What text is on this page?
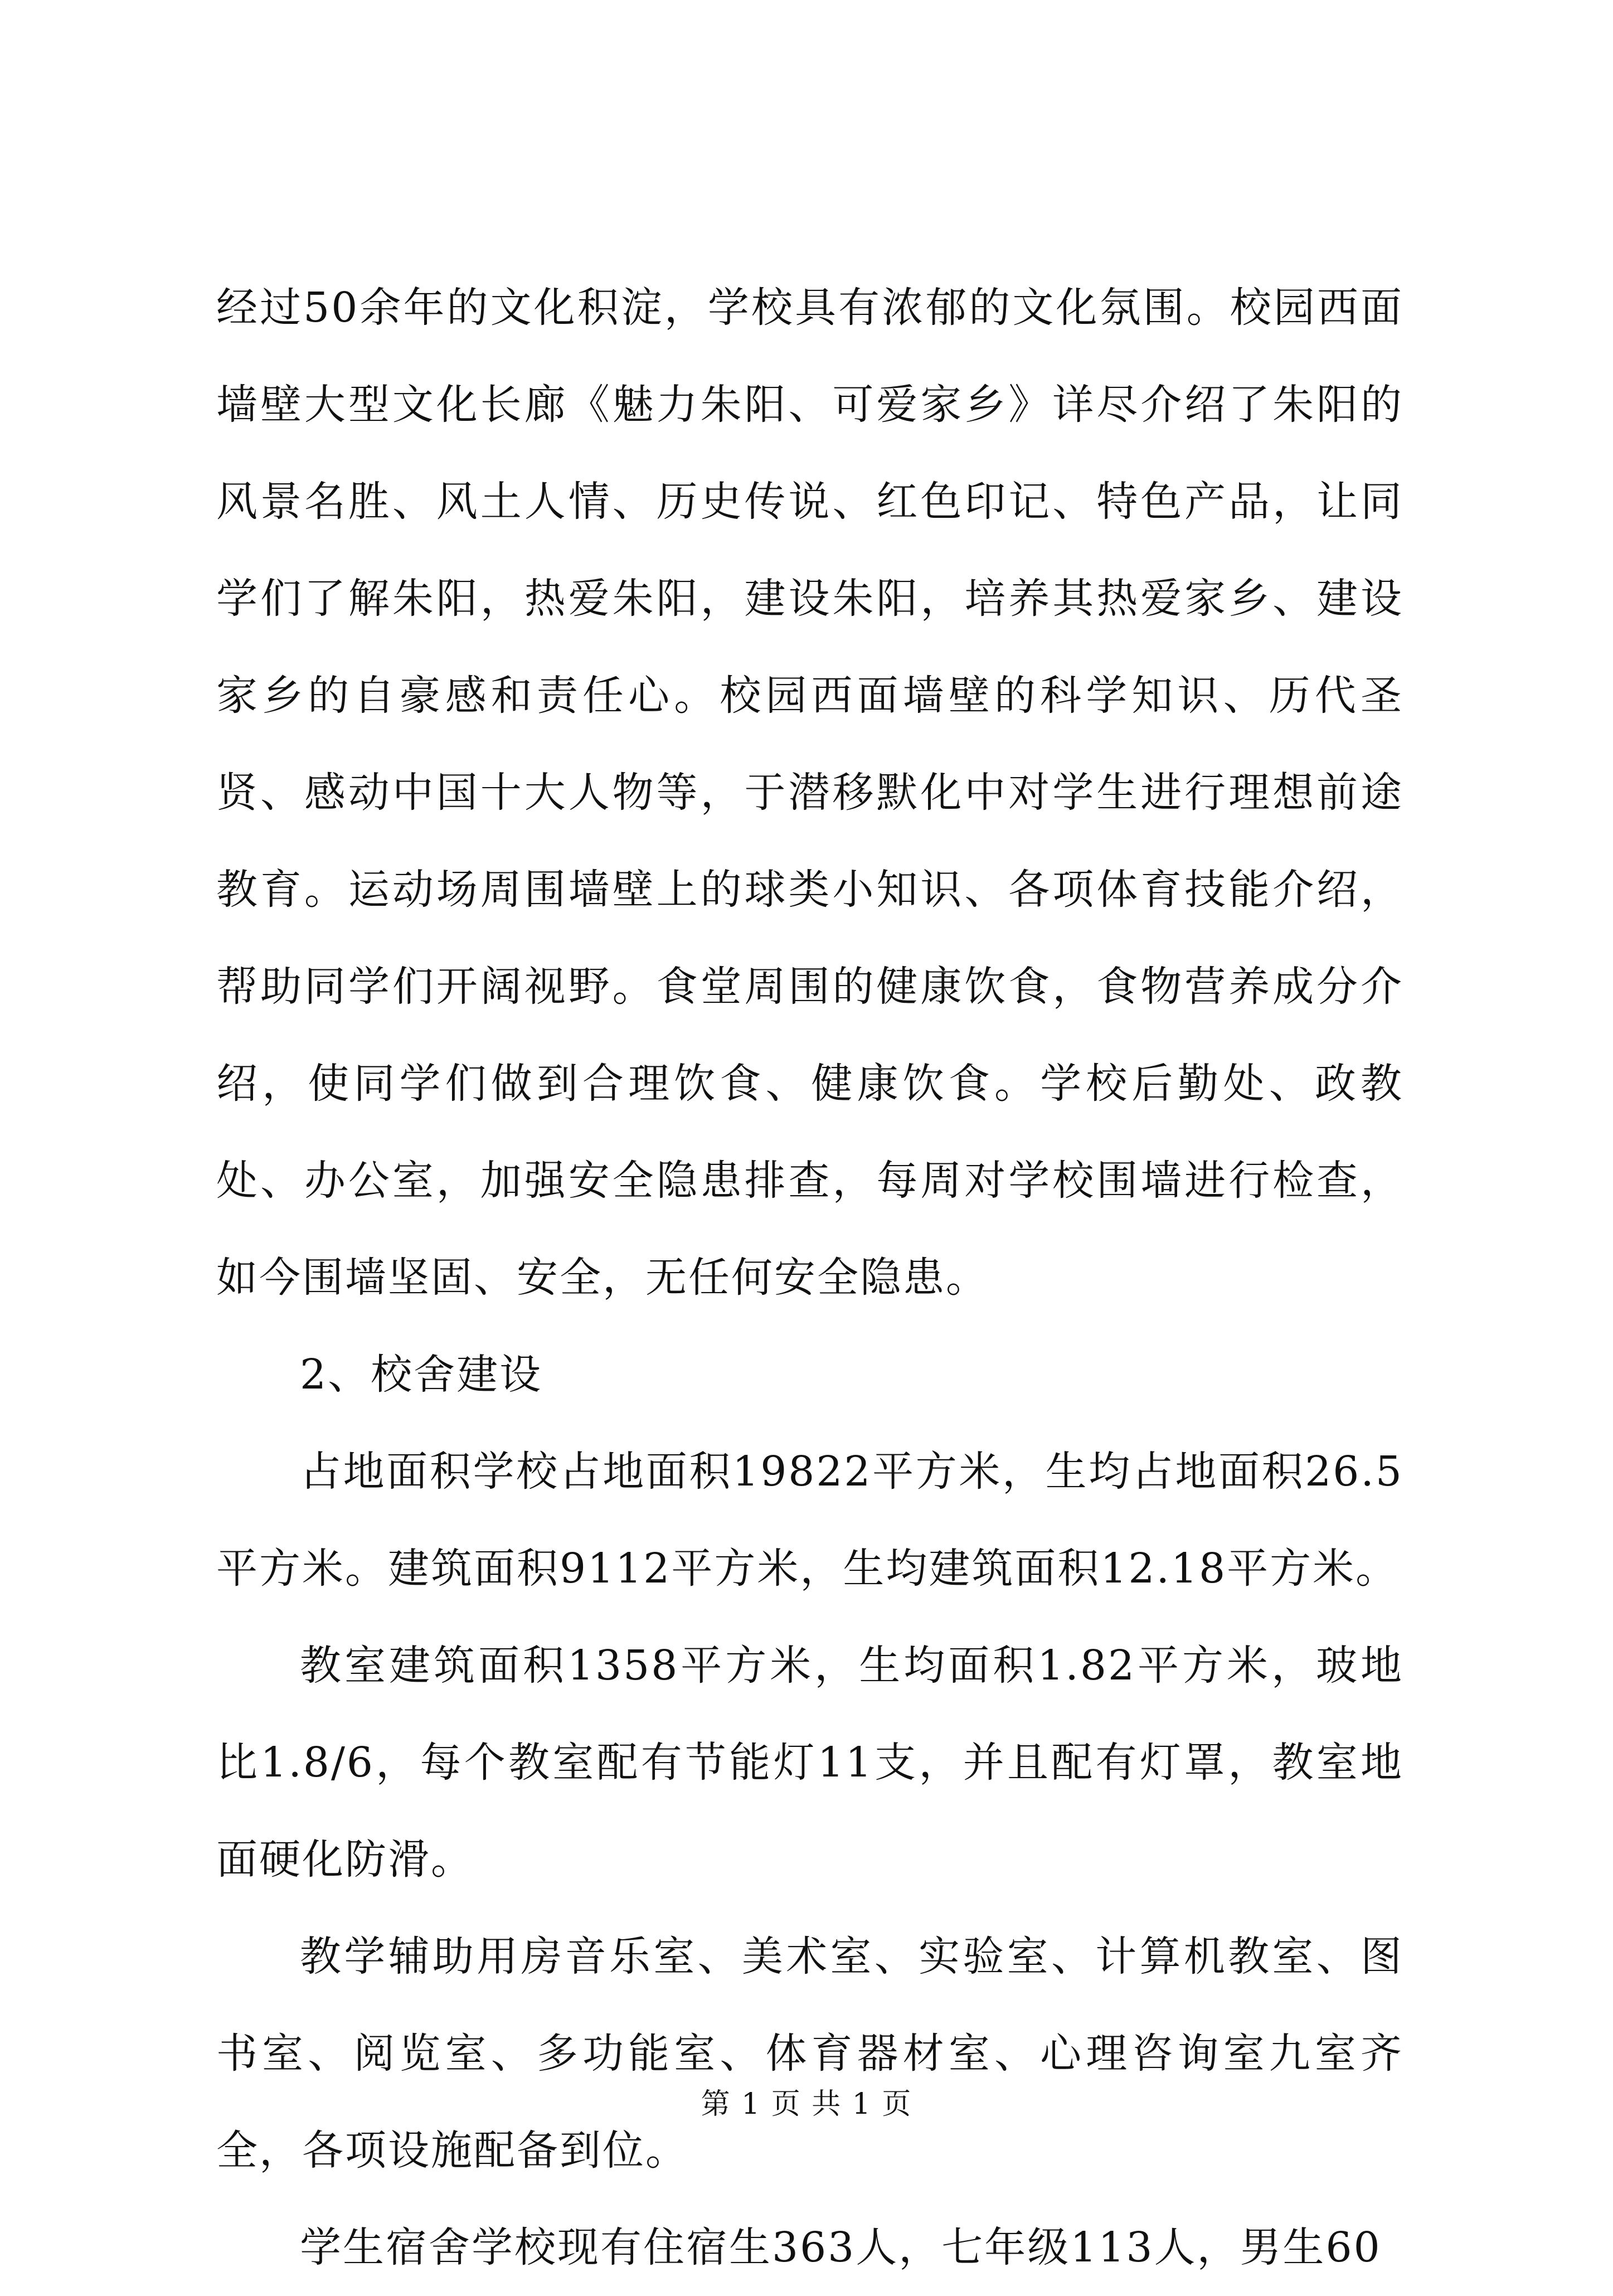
经过50余年的文化积淀，学校具有浓郁的文化氛围。校园西面墙壁大型文化长廊《魅力朱阳、可爱家乡》详尽介绍了朱阳的风景名胜、风土人情、历史传说、红色印记、特色产品，让同学们了解朱阳，热爱朱阳，建设朱阳，培养其热爱家乡、建设家乡的自豪感和责任心。校园西面墙壁的科学知识、历代圣贤、感动中国十大人物等，于潜移默化中对学生进行理想前途教育。运动场周围墙壁上的球类小知识、各项体育技能介绍，帮助同学们开阔视野。食堂周围的健康饮食，食物营养成分介绍，使同学们做到合理饮食、健康饮食。学校后勤处、政教处、办公室，加强安全隐患排查，每周对学校围墙进行检查，如今围墙坚固、安全，无任何安全隐患。

2、校舍建设

占地面积学校占地面积19822平方米，生均占地面积26.5平方米。建筑面积9112平方米，生均建筑面积12.18平方米。

教室建筑面积1358平方米，生均面积1.82平方米，玻地比1.8/6，每个教室配有节能灯11支，并且配有灯罩，教室地面硬化防滑。

教学辅助用房音乐室、美术室、实验室、计算机教室、图书室、阅览室、多功能室、体育器材室、心理咨询室九室齐全，各项设施配备到位。

学生宿舍学校现有住宿生363人，七年级113人，男生60

第 1 页 共 1 页
